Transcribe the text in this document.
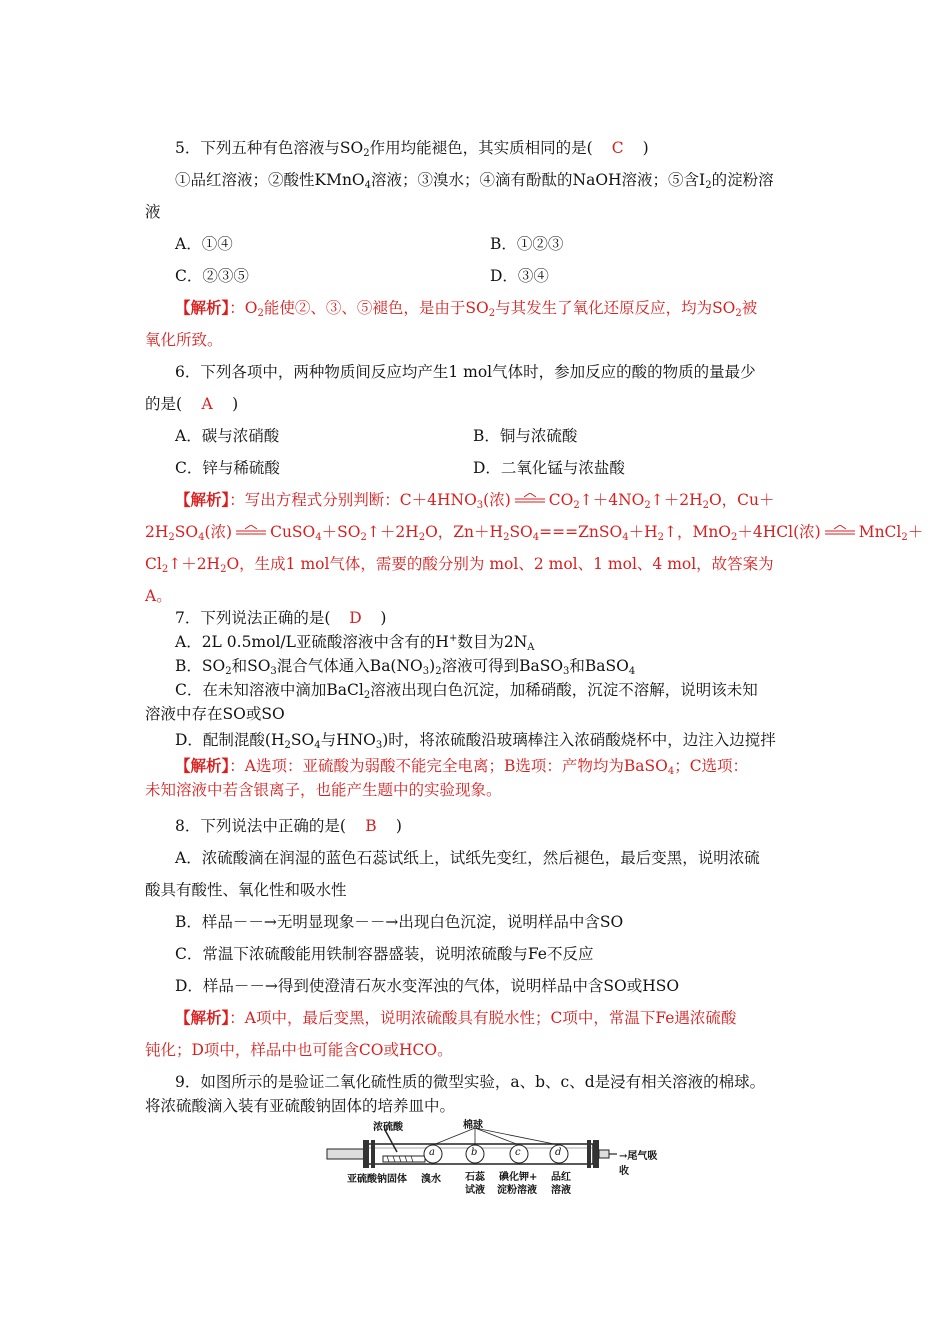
5．下列五种有色溶液与$SO_2$作用均能褪色，其实质相同的是( C )
①品红溶液；②酸性KMnO$_4$溶液；③溴水；④滴有酚酞的NaOH溶液；⑤含$I_2$的淀粉溶
液
A．①④	B．①②③
C．②③⑤	D．③④
【解析】：$O_2$能使②、③、⑤褪色，是由于$SO_2$与其发生了氧化还原反应，均为$SO_2$被
氧化所致。
6．下列各项中，两种物质间反应均产生1 mol气体时，参加反应的酸的物质的量最少
的是( A )
A．碳与浓硝酸	B．铜与浓硫酸
C．锌与稀硫酸	D．二氧化锰与浓盐酸
【解析】：写出方程式分别判断：$C+4HNO_3$(浓) $CO_2↑+4NO_2↑+2H_2O$，Cu＋
$2H_2SO_4$(浓) $CuSO_4+SO_2↑+2H_2O$，$Zn+H_2SO_4===ZnSO_4+H_2↑$，MnO$_2$＋4HCl(浓) MnCl$_2$＋
$Cl_2↑+2H_2O$，生成1 mol气体，需要的酸分别为 mol、2 mol、1 mol、4 mol，故答案为
A。
7．下列说法正确的是( D )
A．2L 0.5mol/L亚硫酸溶液中含有的H+数目为$2N_A$
B．$SO_2$和$SO_3$混合气体通入$Ba(NO_3)_2$溶液可得到BaSO$_3$和BaSO$_4$
C．在未知溶液中滴加BaCl$_2$溶液出现白色沉淀，加稀硝酸，沉淀不溶解，说明该未知
溶液中存在SO或SO
D．配制混酸($H_2SO_4$与$HNO_3$)时，将浓硫酸沿玻璃棒注入浓硝酸烧杯中，边注入边搅拌
【解析】：A选项：亚硫酸为弱酸不能完全电离；B选项：产物均为BaSO$_4$；C选项：
未知溶液中若含银离子，也能产生题中的实验现象。
8．下列说法中正确的是( B )
A．浓硫酸滴在润湿的蓝色石蕊试纸上，试纸先变红，然后褪色，最后变黑，说明浓硫
酸具有酸性、氧化性和吸水性
B．样品－－→无明显现象－－→出现白色沉淀，说明样品中含SO
C．常温下浓硫酸能用铁制容器盛装，说明浓硫酸与Fe不反应
D．样品－－→得到使澄清石灰水变浑浊的气体，说明样品中含SO或HSO
【解析】：A项中，最后变黑，说明浓硫酸具有脱水性；C项中，常温下Fe遇浓硫酸
钝化；D项中，样品中也可能含CO或HCO。
9．如图所示的是验证二氧化硫性质的微型实验，a、b、c、d是浸有相关溶液的棉球。
将浓硫酸滴入装有亚硫酸钠固体的培养皿中。
浓硫酸	棉球
a	b	c	d	→尾气吸收
亚硫酸钠固体 溴水 石蕊
试液
碘化钾+
淀粉溶液
品红
溶液
